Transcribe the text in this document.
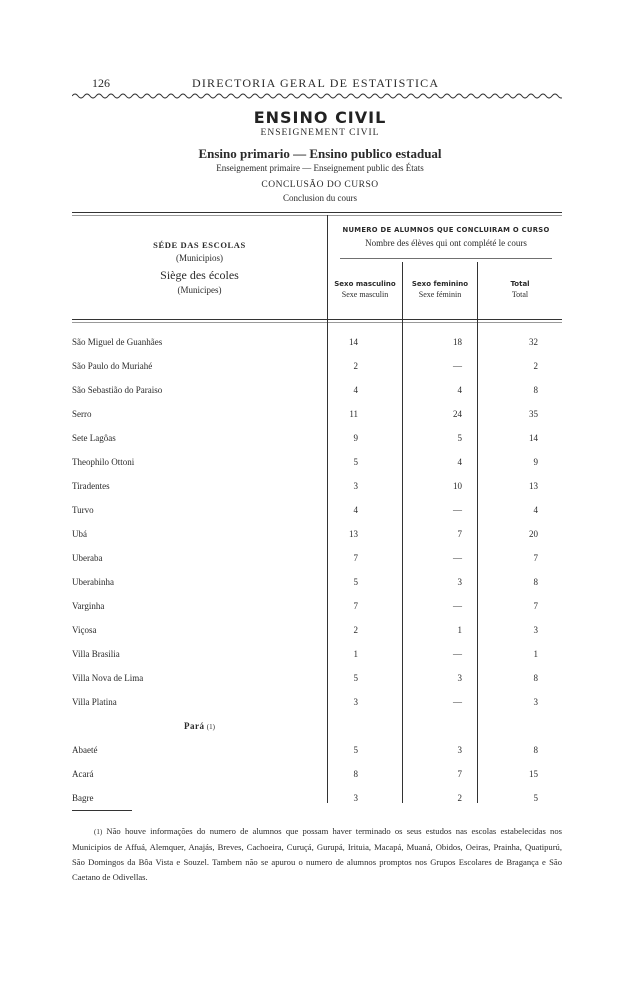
126	DIRECTORIA GERAL DE ESTATISTICA
ENSINO CIVIL
ENSEIGNEMENT CIVIL
Ensino primario — Ensino publico estadual
Enseignement primaire — Enseignement public des États
CONCLUSÃO DO CURSO
Conclusion du cours
SÉDE DAS ESCOLAS
(Municipios)
Siège des écoles
(Municipes)
NUMERO DE ALUMNOS QUE CONCLUIRAM O CURSO
Nombre des élèves qui ont complété le cours
Sexo masculino
Sexe masculin
Sexo feminino
Sexe féminin
Total
Total
São Miguel de Guanhães	14	18	32
São Paulo do Muriahé	2	—	2
São Sebastião do Paraiso	4	4	8
Serro	11	24	35
Sete Lagôas	9	5	14
Theophilo Ottoni	5	4	9
Tiradentes	3	10	13
Turvo	4	—	4
Ubá	13	7	20
Uberaba	7	—	7
Uberabinha	5	3	8
Varginha	7	—	7
Viçosa	2	1	3
Villa Brasilia	1	—	1
Villa Nova de Lima	5	3	8
Villa Platina	3	—	3
Pará (1)
Abaeté	5	3	8
Acará	8	7	15
Bagre	3	2	5
(1) Não houve informações do numero de alumnos que possam haver terminado os seus estudos nas escolas estabelecidas nos Municipios de Affuá, Alemquer, Anajás, Breves, Cachoeira, Curuçá, Gurupá, Irituia, Macapá, Muaná, Obidos, Oeiras, Prainha, Quatipurú, São Domingos da Bôa Vista e Souzel. Tambem não se apurou o numero de alumnos promptos nos Grupos Escolares de Bragança e São Caetano de Odivellas.
